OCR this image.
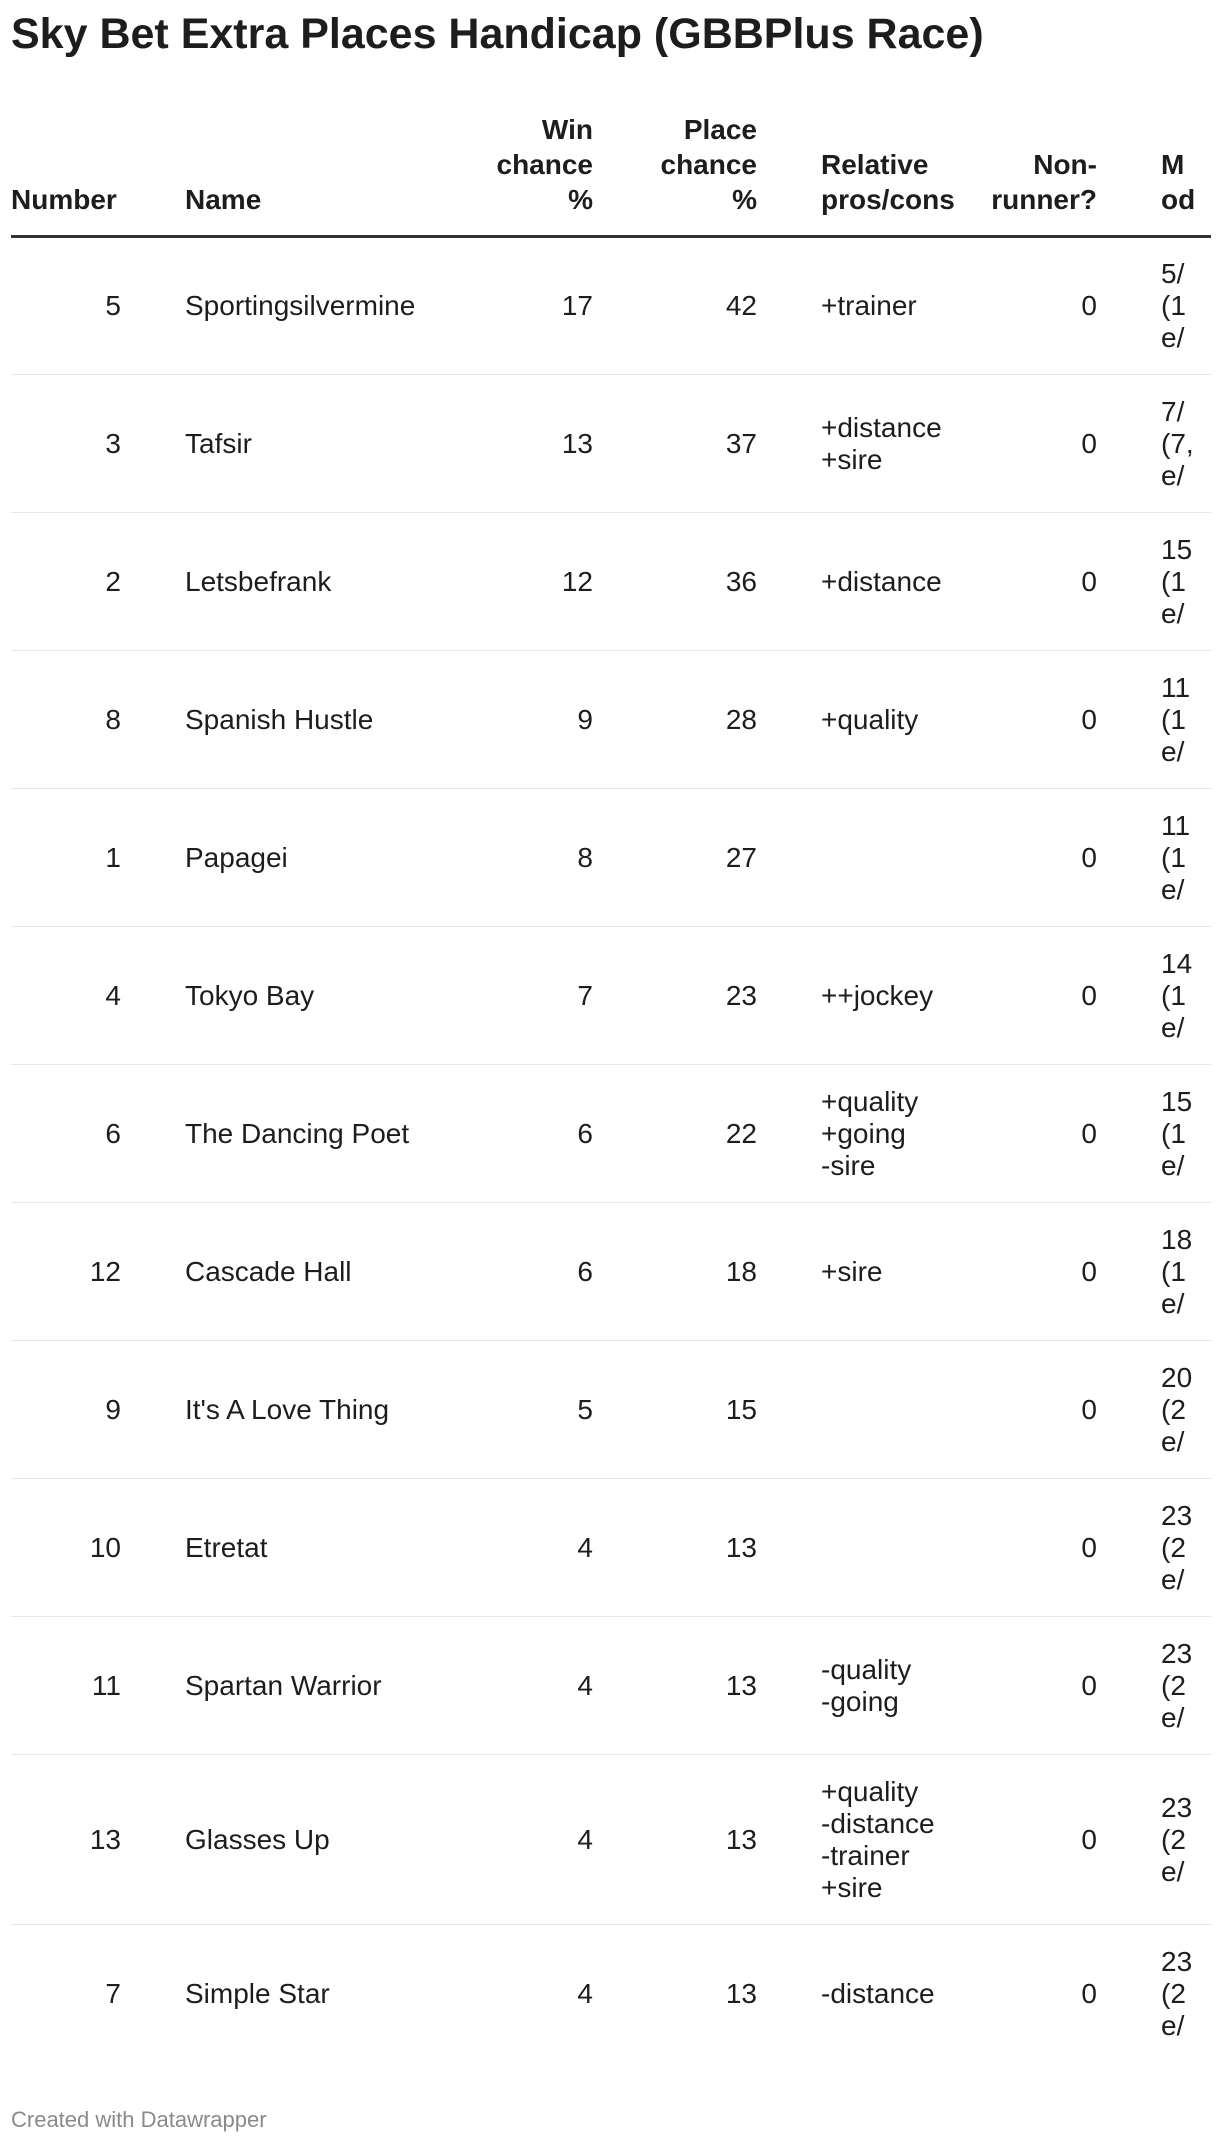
Sky Bet Extra Places Handicap (GBBPlus Race)
Number		Name	Win
chance
%	Place
chance
%		Relative
pros/cons	Non-
runner?		M
od

5		Sportingsilvermine	17	42		+trainer	0		5/
(1
e/

3		Tafsir	13	37		+distance
+sire	0		7/
(7,
e/

2		Letsbefrank	12	36		+distance	0		15
(1
e/

8		Spanish Hustle	9	28		+quality	0		11
(1
e/

1		Papagei	8	27			0		11
(1
e/

4		Tokyo Bay	7	23		++jockey	0		14
(1
e/

6		The Dancing Poet	6	22		+quality
+going
-sire	0		15
(1
e/

12		Cascade Hall	6	18		+sire	0		18
(1
e/

9		It's A Love Thing	5	15			0		20
(2
e/

10		Etretat	4	13			0		23
(2
e/

11		Spartan Warrior	4	13		-quality
-going	0		23
(2
e/

13		Glasses Up	4	13		+quality
-distance
-trainer
+sire	0		23
(2
e/

7		Simple Star	4	13		-distance	0		23
(2
e/
Created with Datawrapper
